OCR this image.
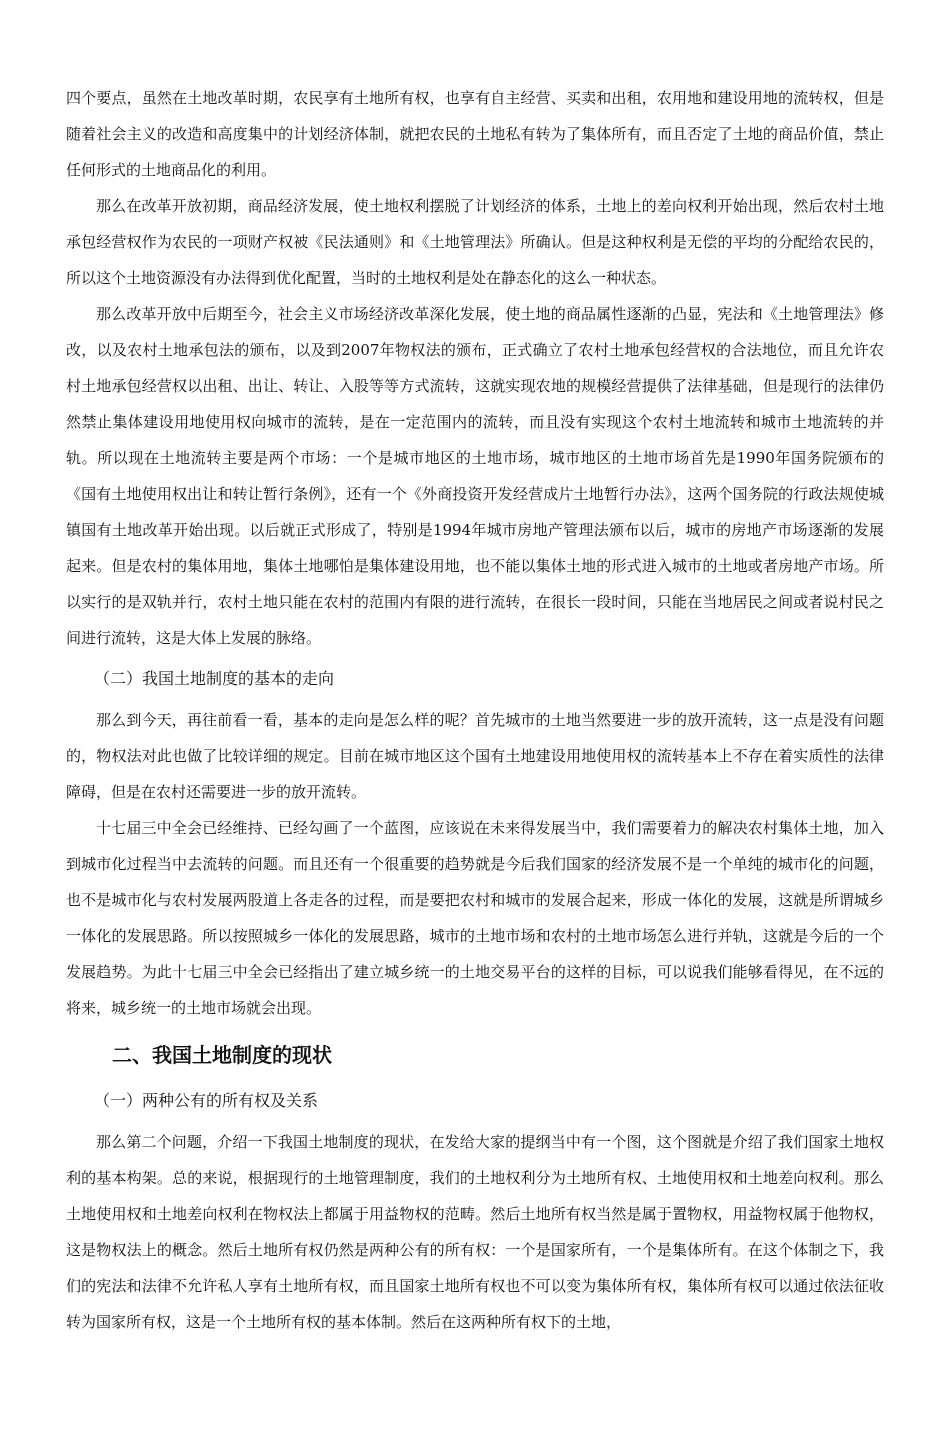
四个要点，虽然在土地改革时期，农民享有土地所有权，也享有自主经营、买卖和出租，农用地和建设用地的流转权，但是随着社会主义的改造和高度集中的计划经济体制，就把农民的土地私有转为了集体所有，而且否定了土地的商品价值，禁止任何形式的土地商品化的利用。

那么在改革开放初期，商品经济发展，使土地权利摆脱了计划经济的体系，土地上的差向权利开始出现，然后农村土地承包经营权作为农民的一项财产权被《民法通则》和《土地管理法》所确认。但是这种权利是无偿的平均的分配给农民的，所以这个土地资源没有办法得到优化配置，当时的土地权利是处在静态化的这么一种状态。

那么改革开放中后期至今，社会主义市场经济改革深化发展，使土地的商品属性逐渐的凸显，宪法和《土地管理法》修改，以及农村土地承包法的颁布，以及到2007年物权法的颁布，正式确立了农村土地承包经营权的合法地位，而且允许农村土地承包经营权以出租、出让、转让、入股等等方式流转，这就实现农地的规模经营提供了法律基础，但是现行的法律仍然禁止集体建设用地使用权向城市的流转，是在一定范围内的流转，而且没有实现这个农村土地流转和城市土地流转的并轨。所以现在土地流转主要是两个市场：一个是城市地区的土地市场，城市地区的土地市场首先是1990年国务院颁布的《国有土地使用权出让和转让暂行条例》，还有一个《外商投资开发经营成片土地暂行办法》，这两个国务院的行政法规使城镇国有土地改革开始出现。以后就正式形成了，特别是1994年城市房地产管理法颁布以后，城市的房地产市场逐渐的发展起来。但是农村的集体用地，集体土地哪怕是集体建设用地，也不能以集体土地的形式进入城市的土地或者房地产市场。所以实行的是双轨并行，农村土地只能在农村的范围内有限的进行流转，在很长一段时间，只能在当地居民之间或者说村民之间进行流转，这是大体上发展的脉络。

（二）我国土地制度的基本的走向

那么到今天，再往前看一看，基本的走向是怎么样的呢？首先城市的土地当然要进一步的放开流转，这一点是没有问题的，物权法对此也做了比较详细的规定。目前在城市地区这个国有土地建设用地使用权的流转基本上不存在着实质性的法律障碍，但是在农村还需要进一步的放开流转。

十七届三中全会已经维持、已经勾画了一个蓝图，应该说在未来得发展当中，我们需要着力的解决农村集体土地，加入到城市化过程当中去流转的问题。而且还有一个很重要的趋势就是今后我们国家的经济发展不是一个单纯的城市化的问题，也不是城市化与农村发展两股道上各走各的过程，而是要把农村和城市的发展合起来，形成一体化的发展，这就是所谓城乡一体化的发展思路。所以按照城乡一体化的发展思路，城市的土地市场和农村的土地市场怎么进行并轨，这就是今后的一个发展趋势。为此十七届三中全会已经指出了建立城乡统一的土地交易平台的这样的目标，可以说我们能够看得见，在不远的将来，城乡统一的土地市场就会出现。

二、我国土地制度的现状
（一）两种公有的所有权及关系

那么第二个问题，介绍一下我国土地制度的现状，在发给大家的提纲当中有一个图，这个图就是介绍了我们国家土地权利的基本构架。总的来说，根据现行的土地管理制度，我们的土地权利分为土地所有权、土地使用权和土地差向权利。那么土地使用权和土地差向权利在物权法上都属于用益物权的范畴。然后土地所有权当然是属于置物权，用益物权属于他物权，这是物权法上的概念。然后土地所有权仍然是两种公有的所有权：一个是国家所有，一个是集体所有。在这个体制之下，我们的宪法和法律不允许私人享有土地所有权，而且国家土地所有权也不可以变为集体所有权，集体所有权可以通过依法征收转为国家所有权，这是一个土地所有权的基本体制。然后在这两种所有权下的土地，
